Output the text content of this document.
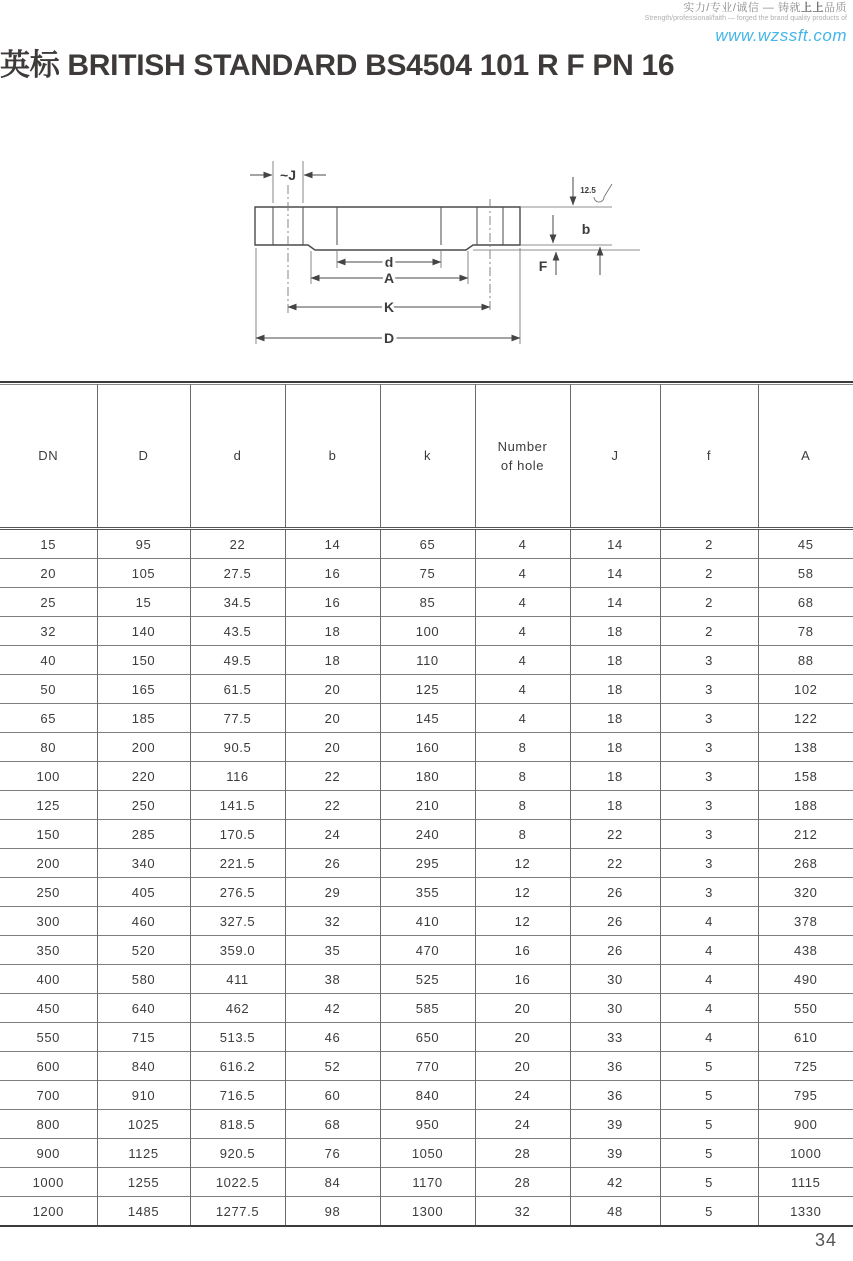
实力/专业/诚信 — 铸就上上品质
Strength/professional/faith — forged the brand quality products of
www.wzssft.com
英标 BRITISH STANDARD BS4504 101 R F PN 16
~J
12.5
b
F
d
A
K
D
DN	D	d	b	k	Number of hole	J	f	A
15	95	22	14	65	4	14	2	45
20	105	27.5	16	75	4	14	2	58
25	15	34.5	16	85	4	14	2	68
32	140	43.5	18	100	4	18	2	78
40	150	49.5	18	110	4	18	3	88
50	165	61.5	20	125	4	18	3	102
65	185	77.5	20	145	4	18	3	122
80	200	90.5	20	160	8	18	3	138
100	220	116	22	180	8	18	3	158
125	250	141.5	22	210	8	18	3	188
150	285	170.5	24	240	8	22	3	212
200	340	221.5	26	295	12	22	3	268
250	405	276.5	29	355	12	26	3	320
300	460	327.5	32	410	12	26	4	378
350	520	359.0	35	470	16	26	4	438
400	580	411	38	525	16	30	4	490
450	640	462	42	585	20	30	4	550
550	715	513.5	46	650	20	33	4	610
600	840	616.2	52	770	20	36	5	725
700	910	716.5	60	840	24	36	5	795
800	1025	818.5	68	950	24	39	5	900
900	1125	920.5	76	1050	28	39	5	1000
1000	1255	1022.5	84	1170	28	42	5	1115
1200	1485	1277.5	98	1300	32	48	5	1330
34
